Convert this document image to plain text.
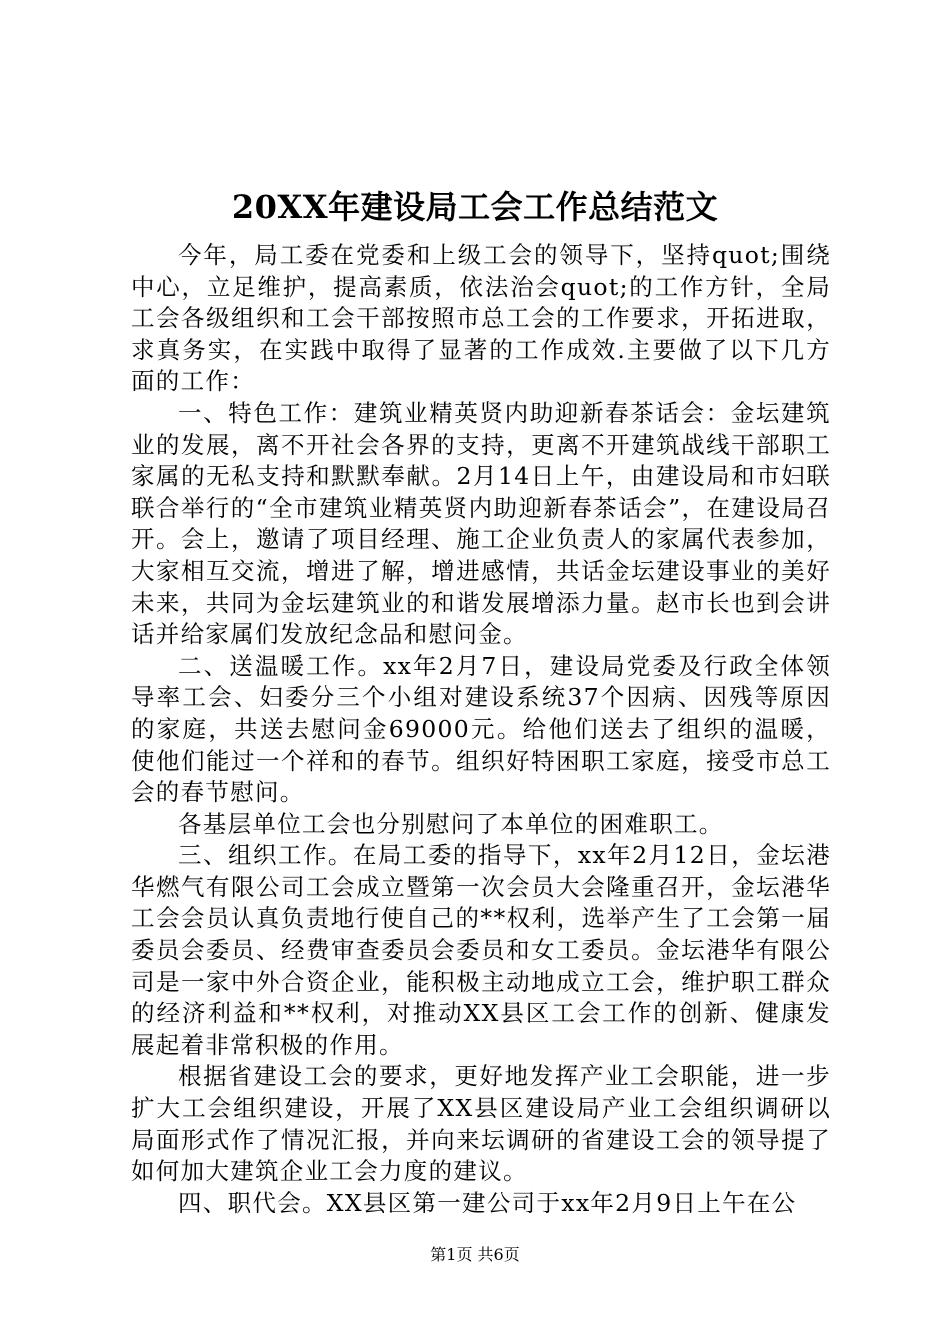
20XX年建设局工会工作总结范文

今年，局工委在党委和上级工会的领导下，坚持quot;围绕中心，立足维护，提高素质，依法治会quot;的工作方针，全局工会各级组织和工会干部按照市总工会的工作要求，开拓进取，求真务实，在实践中取得了显著的工作成效.主要做了以下几方面的工作：

一、特色工作：建筑业精英贤内助迎新春茶话会：金坛建筑业的发展，离不开社会各界的支持，更离不开建筑战线干部职工家属的无私支持和默默奉献。2月14日上午，由建设局和市妇联联合举行的“全市建筑业精英贤内助迎新春茶话会”，在建设局召开。会上，邀请了项目经理、施工企业负责人的家属代表参加，大家相互交流，增进了解，增进感情，共话金坛建设事业的美好未来，共同为金坛建筑业的和谐发展增添力量。赵市长也到会讲话并给家属们发放纪念品和慰问金。

二、送温暖工作。xx年2月7日，建设局党委及行政全体领导率工会、妇委分三个小组对建设系统37个因病、因残等原因的家庭，共送去慰问金69000元。给他们送去了组织的温暖，使他们能过一个祥和的春节。组织好特困职工家庭，接受市总工会的春节慰问。

各基层单位工会也分别慰问了本单位的困难职工。

三、组织工作。在局工委的指导下，xx年2月12日，金坛港华燃气有限公司工会成立暨第一次会员大会隆重召开，金坛港华工会会员认真负责地行使自己的**权利，选举产生了工会第一届委员会委员、经费审查委员会委员和女工委员。金坛港华有限公司是一家中外合资企业，能积极主动地成立工会，维护职工群众的经济利益和**权利，对推动XX县区工会工作的创新、健康发展起着非常积极的作用。

根据省建设工会的要求，更好地发挥产业工会职能，进一步扩大工会组织建设，开展了XX县区建设局产业工会组织调研以局面形式作了情况汇报，并向来坛调研的省建设工会的领导提了如何加大建筑企业工会力度的建议。

四、职代会。XX县区第一建公司于xx年2月9日上午在公

第1页 共6页
